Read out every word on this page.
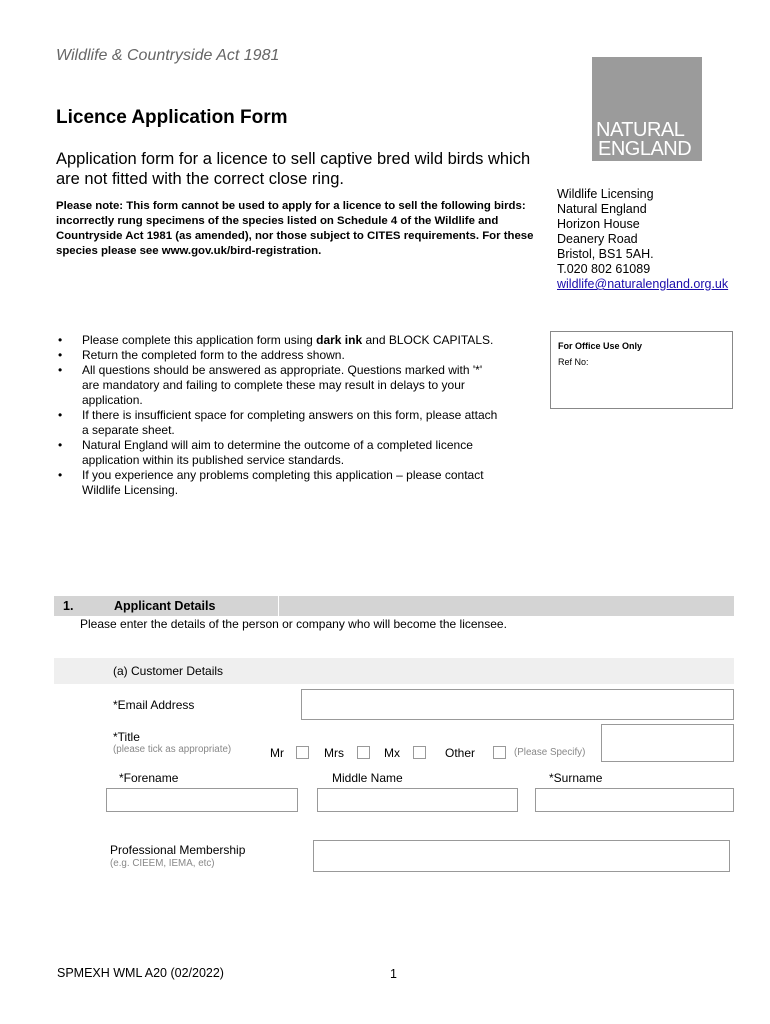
Wildlife & Countryside Act 1981
Licence Application Form
Application form for a licence to sell captive bred wild birds which are not fitted with the correct close ring.
Please note: This form cannot be used to apply for a licence to sell the following birds: incorrectly rung specimens of the species listed on Schedule 4 of the Wildlife and Countryside Act 1981 (as amended), nor those subject to CITES requirements. For these species please see www.gov.uk/bird-registration.
NATURAL
ENGLAND
Wildlife Licensing
Natural England
Horizon House
Deanery Road
Bristol, BS1 5AH.
T.020 802 61089
wildlife@naturalengland.org.uk
For Office Use Only
Ref No:
• Please complete this application form using dark ink and BLOCK CAPITALS.
• Return the completed form to the address shown.
• All questions should be answered as appropriate. Questions marked with '*' are mandatory and failing to complete these may result in delays to your application.
• If there is insufficient space for completing answers on this form, please attach a separate sheet.
• Natural England will aim to determine the outcome of a completed licence application within its published service standards.
• If you experience any problems completing this application – please contact Wildlife Licensing.
1.	Applicant Details
Please enter the details of the person or company who will become the licensee.
(a) Customer Details
*Email Address
*Title
(please tick as appropriate)	Mr	Mrs	Mx	Other	(Please Specify)
*Forename	Middle Name	*Surname
Professional Membership
(e.g. CIEEM, IEMA, etc)
SPMEXH WML A20 (02/2022)	1
